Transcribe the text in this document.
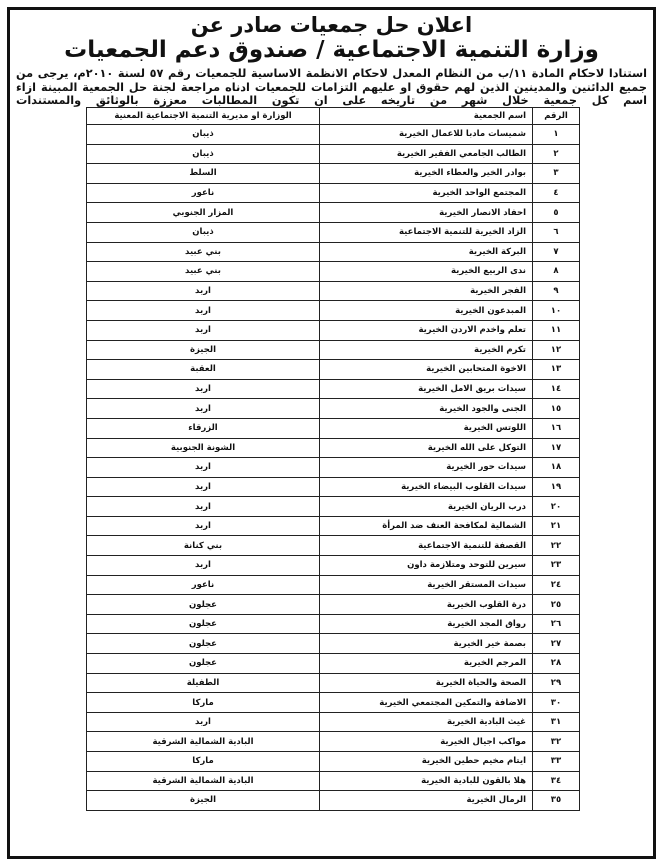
اعلان حل جمعيات صادر عن
وزارة التنمية الاجتماعية / صندوق دعم الجمعيات
استنادا لاحكام المادة ١١/ب من النظام المعدل لاحكام الانظمة الاساسية للجمعيات رقم ٥٧ لسنة ٢٠١٠م، يرجى من جميع الدائنين والمدينين الذين لهم حقوق او عليهم التزامات للجمعيات ادناه مراجعة لجنة حل الجمعية المبينة ازاء اسم كل جمعية خلال شهر من تاريخه على ان تكون المطالبات معززة بالوثائق والمستندات
الرقم	اسم الجمعية	الوزارة او مديرية التنمية الاجتماعية المعنية
١	شميسات مادبا للاعمال الخيرية	ذيبان
٢	الطالب الجامعي الفقير الخيرية	ذيبان
٣	بوادر الخير والعطاء الخيرية	السلط
٤	المجتمع الواحد الخيرية	ناعور
٥	احفاد الانصار الخيرية	المزار الجنوبي
٦	الزاد الخيرية للتنمية الاجتماعية	ذيبان
٧	البركة الخيرية	بني عبيد
٨	ندى الربيع الخيرية	بني عبيد
٩	الفجر الخيرية	اربد
١٠	المبدعون الخيرية	اربد
١١	تعلم واخدم الاردن الخيرية	اربد
١٢	تكرم الخيرية	الجيزة
١٣	الاخوة المتحابين الخيرية	العقبة
١٤	سيدات بريق الامل الخيرية	اربد
١٥	الجنى والجود الخيرية	اربد
١٦	اللوتس الخيرية	الزرقاء
١٧	التوكل على الله الخيرية	الشونة الجنوبية
١٨	سيدات حور الخيرية	اربد
١٩	سيدات القلوب البيضاء الخيرية	اربد
٢٠	درب الريان الخيرية	اربد
٢١	الشمالية لمكافحة العنف ضد المرأة	اربد
٢٢	القصفة للتنمية الاجتماعية	بني كنانة
٢٣	سيرين للتوحد ومتلازمة داون	اربد
٢٤	سيدات المستقر الخيرية	ناعور
٢٥	درة القلوب الخيرية	عجلون
٢٦	رواق المجد الخيرية	عجلون
٢٧	بصمة خير الخيرية	عجلون
٢٨	المرجم الخيرية	عجلون
٢٩	الصحة والحياة الخيرية	الطفيلة
٣٠	الاضافة والتمكين المجتمعي الخيرية	ماركا
٣١	غيث البادية الخيرية	اربد
٣٢	مواكب اجيال الخيرية	البادية الشمالية الشرقية
٣٣	ايتام مخيم حطين الخيرية	ماركا
٣٤	هلا بالقون للبادية الخيرية	البادية الشمالية الشرقية
٣٥	الرمال الخيرية	الجيزة
